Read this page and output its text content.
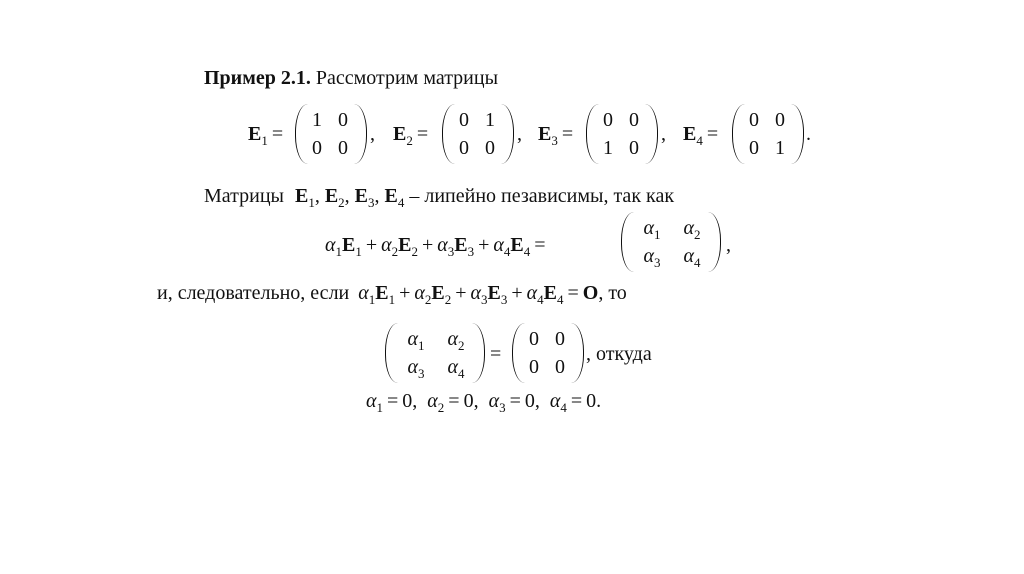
Пример 2.1. Рассмотрим матрицы
$E_1$ =
1 0
0 0
, $E_2$ =
0 1
0 0
, $E_3$ =
0 0
1 0
, $E_4$ =
0 0
0 1
.
Матрицы $E_1$, $E_2$, $E_3$, $E_4$ – липейно пезависимы, так как
$\alpha_1E_1 + \alpha_2E_2 + \alpha_3E_3 + \alpha_4E_4$ =
$\alpha_1$	$\alpha_2$
$\alpha_3$	$\alpha_4$
,
и, следовательно, если $\alpha_1E_1 + \alpha_2E_2 + \alpha_3E_3 + \alpha_4E_4 = O$, то
$\alpha_1$	$\alpha_2$
$\alpha_3$	$\alpha_4$
=
0 0
0 0
, откуда
$\alpha_1 = 0$, $\alpha_2 = 0$, $\alpha_3 = 0$, $\alpha_4 = 0$.
